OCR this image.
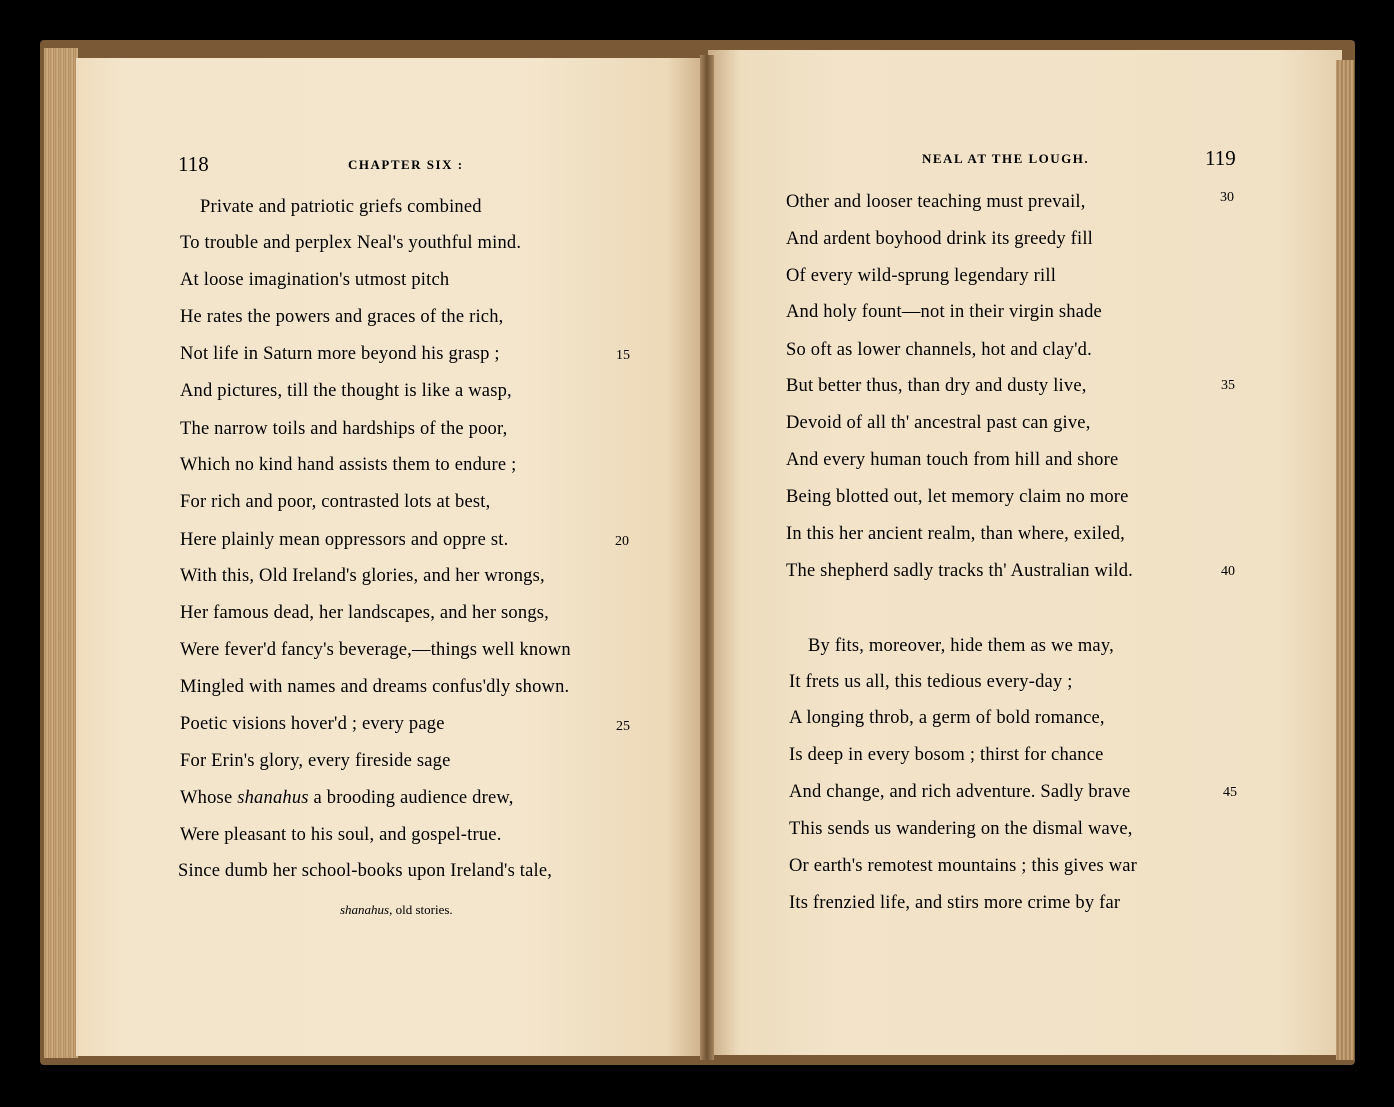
118	CHAPTER SIX :
Private and patriotic griefs combined
To trouble and perplex Neal's youthful mind.
At loose imagination's utmost pitch
He rates the powers and graces of the rich,
Not life in Saturn more beyond his grasp ;
And pictures, till the thought is like a wasp,
The narrow toils and hardships of the poor,
Which no kind hand assists them to endure ;
For rich and poor, contrasted lots at best,
Here plainly mean oppressors and oppre st.
With this, Old Ireland's glories, and her wrongs,
Her famous dead, her landscapes, and her songs,
Were fever'd fancy's beverage,—things well known
Mingled with names and dreams confus'dly shown.
Poetic visions hover'd ; every page
For Erin's glory, every fireside sage
Whose shanahus a brooding audience drew,
Were pleasant to his soul, and gospel-true.
Since dumb her school-books upon Ireland's tale,
15
20
25
shanahus, old stories.
NEAL AT THE LOUGH.	119
Other and looser teaching must prevail,
And ardent boyhood drink its greedy fill
Of every wild-sprung legendary rill
And holy fount—not in their virgin shade
So oft as lower channels, hot and clay'd.
But better thus, than dry and dusty live,
Devoid of all th' ancestral past can give,
And every human touch from hill and shore
Being blotted out, let memory claim no more
In this her ancient realm, than where, exiled,
The shepherd sadly tracks th' Australian wild.
By fits, moreover, hide them as we may,
It frets us all, this tedious every-day ;
A longing throb, a germ of bold romance,
Is deep in every bosom ; thirst for chance
And change, and rich adventure. Sadly brave
This sends us wandering on the dismal wave,
Or earth's remotest mountains ; this gives war
Its frenzied life, and stirs more crime by far
30
35
40
45
